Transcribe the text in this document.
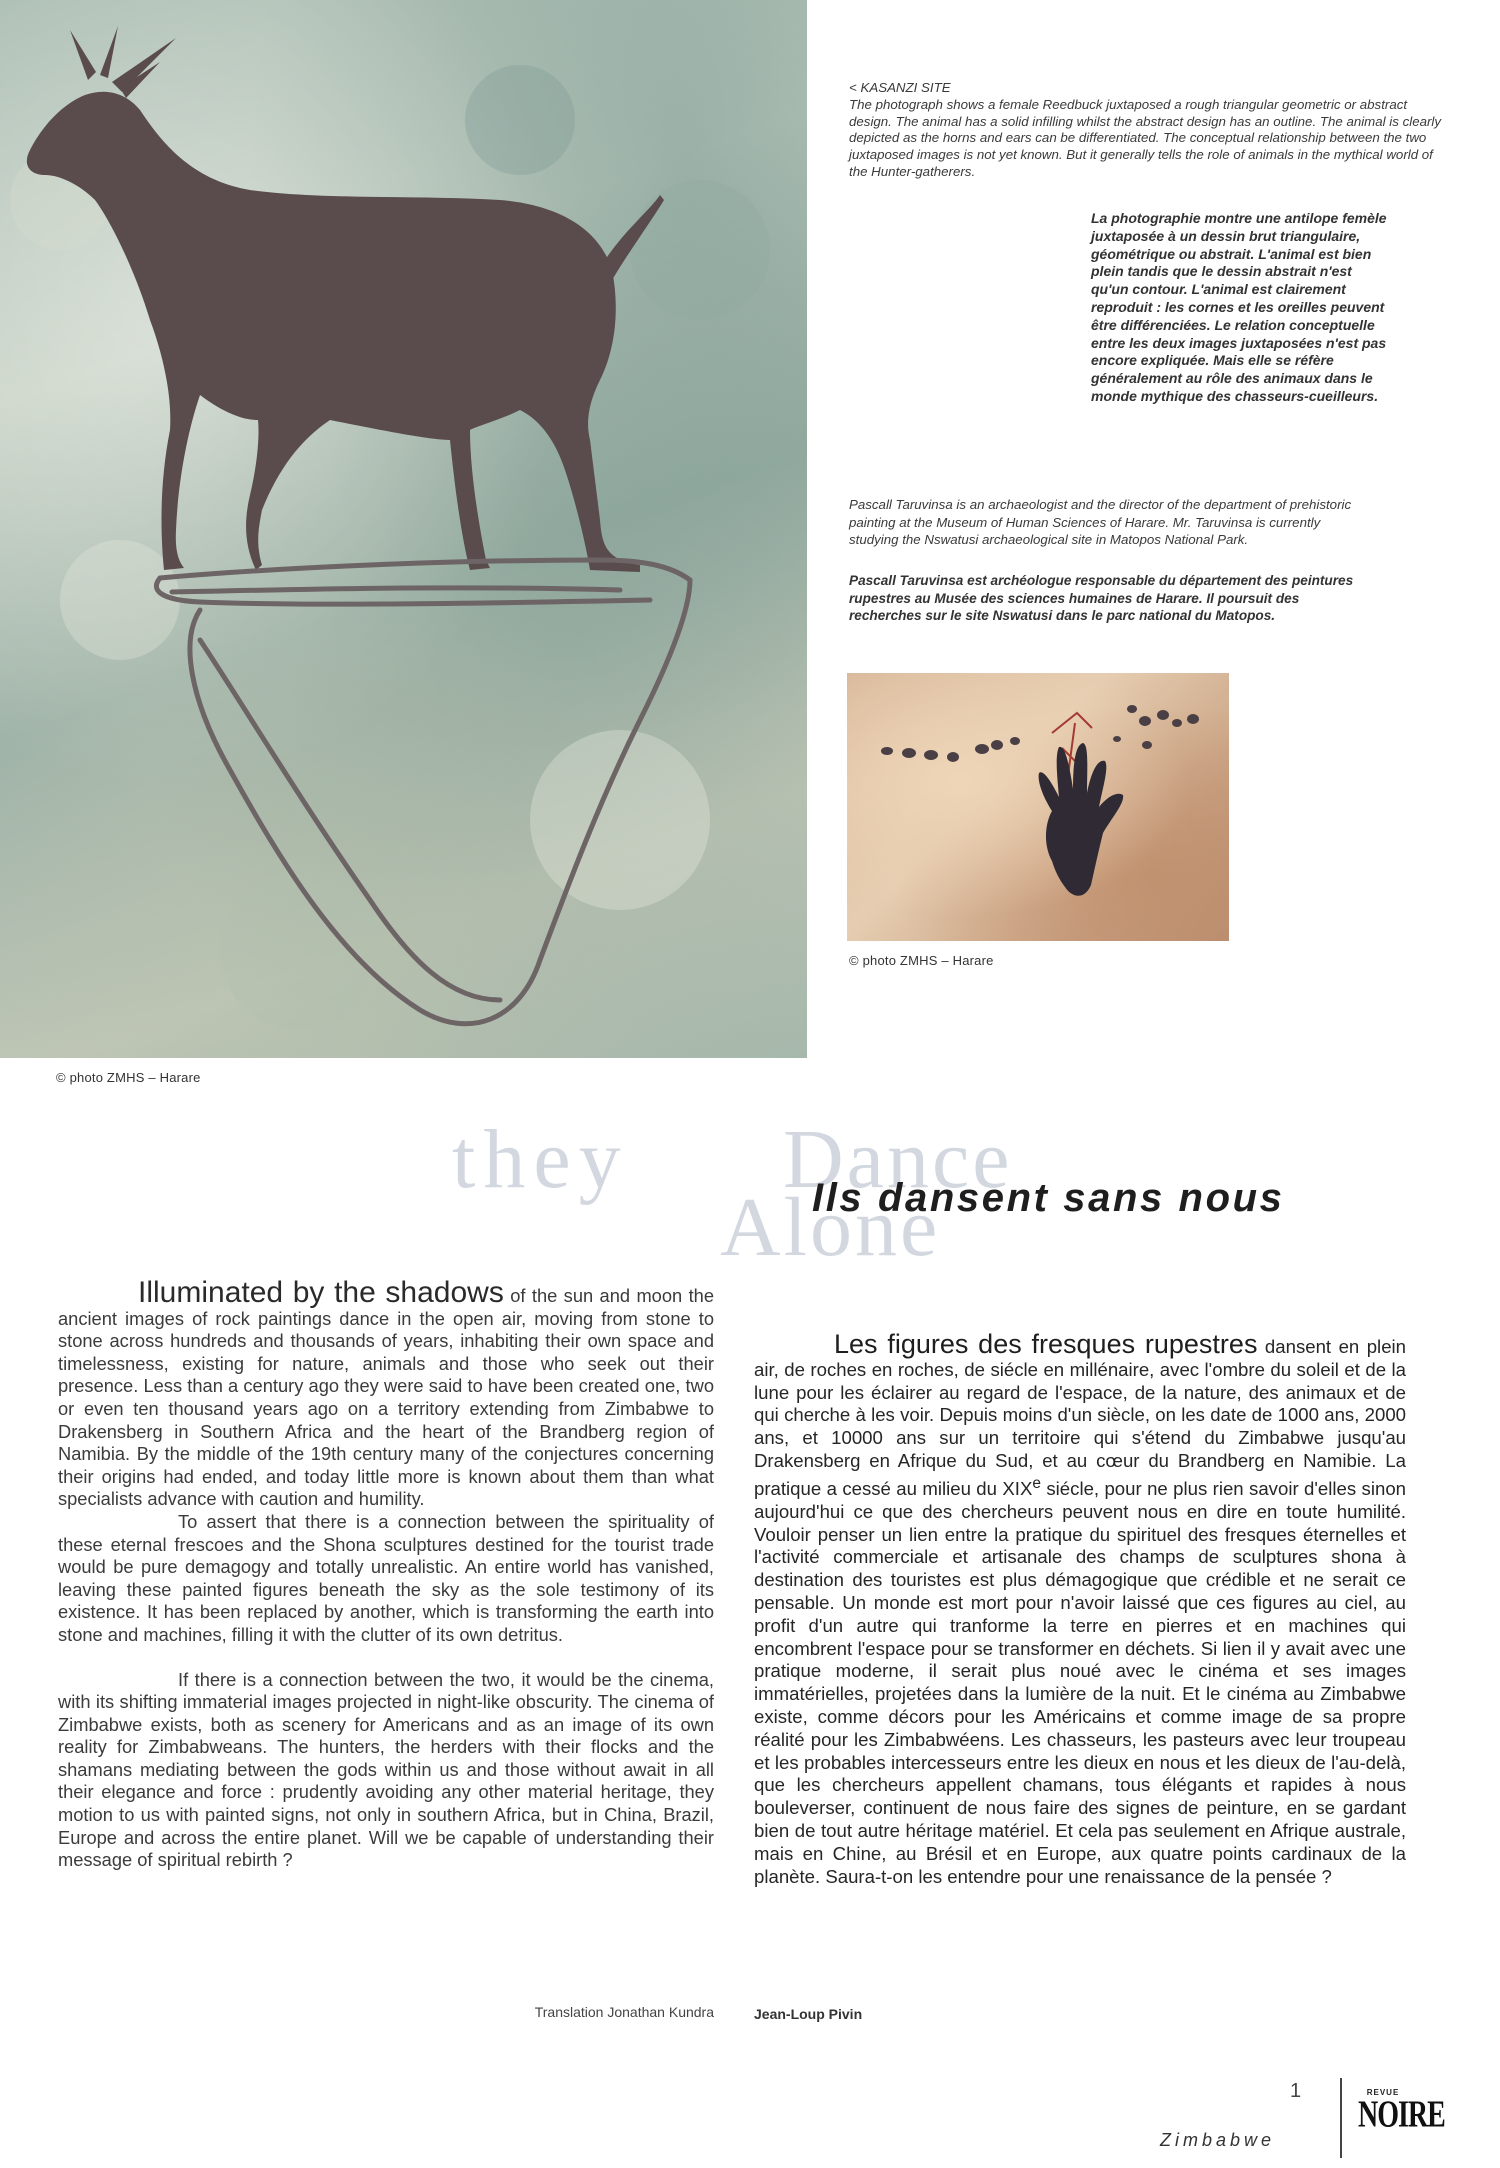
© photo ZMHS – Harare
< KASANZI SITE
The photograph shows a female Reedbuck juxtaposed a rough triangular geometric or abstract design. The animal has a solid infilling whilst the abstract design has an outline. The animal is clearly depicted as the horns and ears can be differentiated. The conceptual relationship between the two juxtaposed images is not yet known. But it generally tells the role of animals in the mythical world of the Hunter-gatherers.
La photographie montre une antilope femèle juxtaposée à un dessin brut triangulaire, géométrique ou abstrait. L'animal est bien plein tandis que le dessin abstrait n'est qu'un contour. L'animal est clairement reproduit : les cornes et les oreilles peuvent être différenciées. Le relation conceptuelle entre les deux images juxtaposées n'est pas encore expliquée. Mais elle se réfère généralement au rôle des animaux dans le monde mythique des chasseurs-cueilleurs.
Pascall Taruvinsa is an archaeologist and the director of the department of prehistoric painting at the Museum of Human Sciences of Harare. Mr. Taruvinsa is currently studying the Nswatusi archaeological site in Matopos National Park.
Pascall Taruvinsa est archéologue responsable du département des peintures rupestres au Musée des sciences humaines de Harare. Il poursuit des recherches sur le site Nswatusi dans le parc national du Matopos.
© photo ZMHS – Harare
they Dance
Alone
Ils dansent sans nous

Illuminated by the shadows of the sun and moon the ancient images of rock paintings dance in the open air, moving from stone to stone across hundreds and thousands of years, inhabiting their own space and timelessness, existing for nature, animals and those who seek out their presence. Less than a century ago they were said to have been created one, two or even ten thousand years ago on a territory extending from Zimbabwe to Drakensberg in Southern Africa and the heart of the Brandberg region of Namibia. By the middle of the 19th century many of the conjectures concerning their origins had ended, and today little more is known about them than what specialists advance with caution and humility.

To assert that there is a connection between the spirituality of these eternal frescoes and the Shona sculptures destined for the tourist trade would be pure demagogy and totally unrealistic. An entire world has vanished, leaving these painted figures beneath the sky as the sole testimony of its existence. It has been replaced by another, which is transforming the earth into stone and machines, filling it with the clutter of its own detritus.

If there is a connection between the two, it would be the cinema, with its shifting immaterial images projected in night-like obscurity. The cinema of Zimbabwe exists, both as scenery for Americans and as an image of its own reality for Zimbabweans. The hunters, the herders with their flocks and the shamans mediating between the gods within us and those without await in all their elegance and force : prudently avoiding any other material heritage, they motion to us with painted signs, not only in southern Africa, but in China, Brazil, Europe and across the entire planet. Will we be capable of understanding their message of spiritual rebirth ?

Translation Jonathan Kundra

Les figures des fresques rupestres dansent en plein air, de roches en roches, de siécle en millénaire, avec l'ombre du soleil et de la lune pour les éclairer au regard de l'espace, de la nature, des animaux et de qui cherche à les voir. Depuis moins d'un siècle, on les date de 1000 ans, 2000 ans, et 10000 ans sur un territoire qui s'étend du Zimbabwe jusqu'au Drakensberg en Afrique du Sud, et au cœur du Brandberg en Namibie. La pratique a cessé au milieu du XIXe siécle, pour ne plus rien savoir d'elles sinon aujourd'hui ce que des chercheurs peuvent nous en dire en toute humilité. Vouloir penser un lien entre la pratique du spirituel des fresques éternelles et l'activité commerciale et artisanale des champs de sculptures shona à destination des touristes est plus démagogique que crédible et ne serait ce pensable. Un monde est mort pour n'avoir laissé que ces figures au ciel, au profit d'un autre qui tranforme la terre en pierres et en machines qui encombrent l'espace pour se transformer en déchets. Si lien il y avait avec une pratique moderne, il serait plus noué avec le cinéma et ses images immatérielles, projetées dans la lumière de la nuit. Et le cinéma au Zimbabwe existe, comme décors pour les Américains et comme image de sa propre réalité pour les Zimbabwéens. Les chasseurs, les pasteurs avec leur troupeau et les probables intercesseurs entre les dieux en nous et les dieux de l'au-delà, que les chercheurs appellent chamans, tous élégants et rapides à nous bouleverser, continuent de nous faire des signes de peinture, en se gardant bien de tout autre héritage matériel. Et cela pas seulement en Afrique australe, mais en Chine, au Brésil et en Europe, aux quatre points cardinaux de la planète. Saura-t-on les entendre pour une renaissance de la pensée ?

Jean-Loup Pivin
1
Zimbabwe
REVUE
NOIRE
